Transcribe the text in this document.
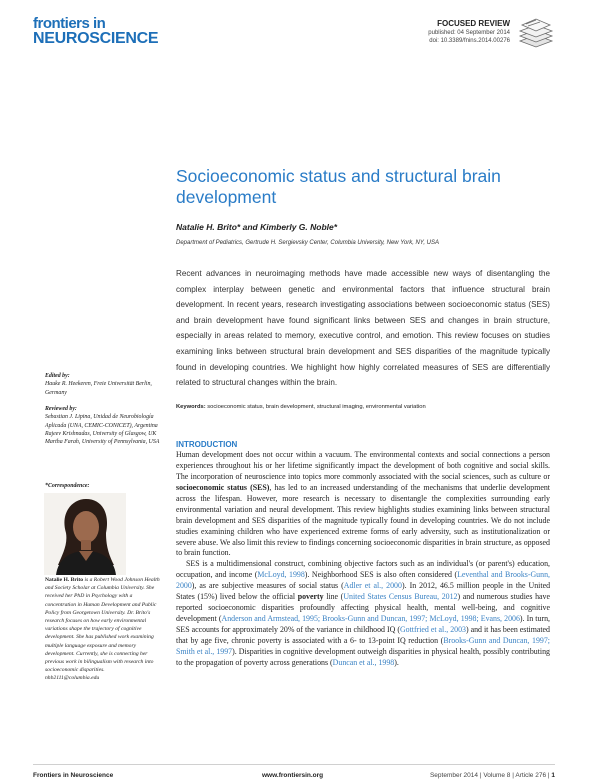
frontiers in
NEUROSCIENCE
FOCUSED REVIEW
published: 04 September 2014
doi: 10.3389/fnins.2014.00276
Socioeconomic status and structural brain development
Natalie H. Brito* and Kimberly G. Noble*
Department of Pediatrics, Gertrude H. Sergievsky Center, Columbia University, New York, NY, USA
Recent advances in neuroimaging methods have made accessible new ways of disentangling the complex interplay between genetic and environmental factors that influence structural brain development. In recent years, research investigating associations between socioeconomic status (SES) and brain development have found significant links between SES and changes in brain structure, especially in areas related to memory, executive control, and emotion. This review focuses on studies examining links between structural brain development and SES disparities of the magnitude typically found in developing countries. We highlight how highly correlated measures of SES are differentially related to structural changes within the brain.
Keywords: socioeconomic status, brain development, structural imaging, environmental variation
Edited by:
Hauke R. Heekeren, Freie Universität Berlin, Germany
Reviewed by:
Sebastian J. Lipina, Unidad de Neurobiología Aplicada (UNA, CEMIC-CONICET), Argentina
Rajeev Krishnadas, University of Glasgow, UK
Martha Farah, University of Pennsylvania, USA
*Correspondence:
Natalie H. Brito is a Robert Wood Johnson Health and Society Scholar at Columbia University. She received her PhD in Psychology with a concentration in Human Development and Public Policy from Georgetown University. Dr. Brito's research focuses on how early environmental variations shape the trajectory of cognitive development. She has published work examining multiple language exposure and memory development. Currently, she is connecting her previous work in bilingualism with research into socioeconomic disparities. nhb2111@columbia.edu
INTRODUCTION

Human development does not occur within a vacuum. The environmental contexts and social connections a person experiences throughout his or her lifetime significantly impact the development of both cognitive and social skills. The incorporation of neuroscience into topics more commonly associated with the social sciences, such as culture or socioeconomic status (SES), has led to an increased understanding of the mechanisms that underlie development across the lifespan. However, more research is necessary to disentangle the complexities surrounding early environmental variation and neural development. This review highlights studies examining links between structural brain development and SES disparities of the magnitude typically found in developing countries. We do not include studies examining children who have experienced extreme forms of early adversity, such as institutionalization or severe abuse. We also limit this review to findings concerning socioeconomic disparities in brain structure, as opposed to brain function.

SES is a multidimensional construct, combining objective factors such as an individual's (or parent's) education, occupation, and income (McLoyd, 1998). Neighborhood SES is also often considered (Leventhal and Brooks-Gunn, 2000), as are subjective measures of social status (Adler et al., 2000). In 2012, 46.5 million people in the United States (15%) lived below the official poverty line (United States Census Bureau, 2012) and numerous studies have reported socioeconomic disparities profoundly affecting physical health, mental well-being, and cognitive development (Anderson and Armstead, 1995; Brooks-Gunn and Duncan, 1997; McLoyd, 1998; Evans, 2006). In turn, SES accounts for approximately 20% of the variance in childhood IQ (Gottfried et al., 2003) and it has been estimated that by age five, chronic poverty is associated with a 6- to 13-point IQ reduction (Brooks-Gunn and Duncan, 1997; Smith et al., 1997). Disparities in cognitive development outweigh disparities in physical health, possibly contributing to the propagation of poverty across generations (Duncan et al., 1998).

Frontiers in Neuroscience	www.frontiersin.org	September 2014 | Volume 8 | Article 276 | 1
